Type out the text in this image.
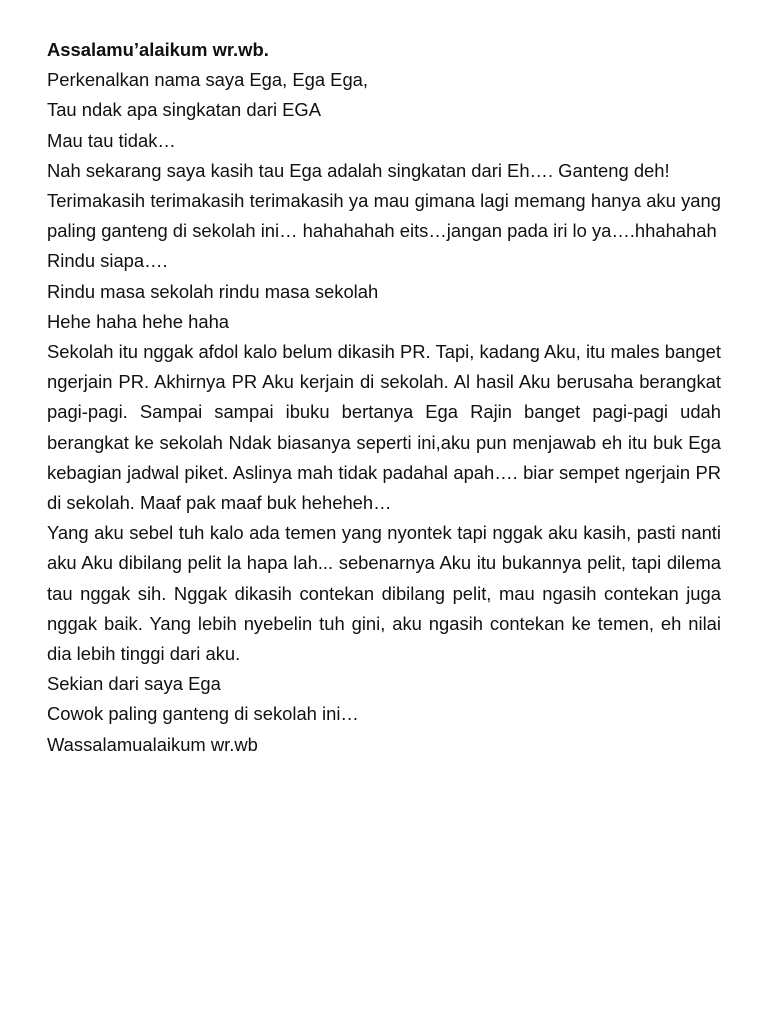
Assalamu’alaikum wr.wb.

Perkenalkan nama saya Ega, Ega Ega,

Tau ndak apa singkatan dari EGA

Mau tau tidak…

Nah sekarang saya kasih tau Ega adalah singkatan dari Eh…. Ganteng deh!

Terimakasih terimakasih terimakasih ya mau gimana lagi memang hanya aku yang paling ganteng di sekolah ini… hahahahah eits…jangan pada iri lo ya….hhahahah

Rindu siapa….

Rindu masa sekolah rindu masa sekolah

Hehe haha hehe haha

Sekolah itu nggak afdol kalo belum dikasih PR. Tapi, kadang Aku, itu males banget ngerjain PR. Akhirnya PR Aku kerjain di sekolah. Al hasil Aku berusaha berangkat pagi-pagi. Sampai sampai ibuku bertanya Ega Rajin banget pagi-pagi udah berangkat ke sekolah Ndak biasanya seperti ini,aku pun menjawab eh itu buk Ega kebagian jadwal piket. Aslinya mah tidak padahal apah…. biar sempet ngerjain PR di sekolah. Maaf pak maaf buk heheheh…

Yang aku sebel tuh kalo ada temen yang nyontek tapi nggak aku kasih, pasti nanti aku Aku dibilang pelit la hapa lah... sebenarnya Aku itu bukannya pelit, tapi dilema tau nggak sih. Nggak dikasih contekan dibilang pelit, mau ngasih contekan juga nggak baik. Yang lebih nyebelin tuh gini, aku ngasih contekan ke temen, eh nilai dia lebih tinggi dari aku.

Sekian dari saya Ega

Cowok paling ganteng di sekolah ini…

Wassalamualaikum wr.wb
